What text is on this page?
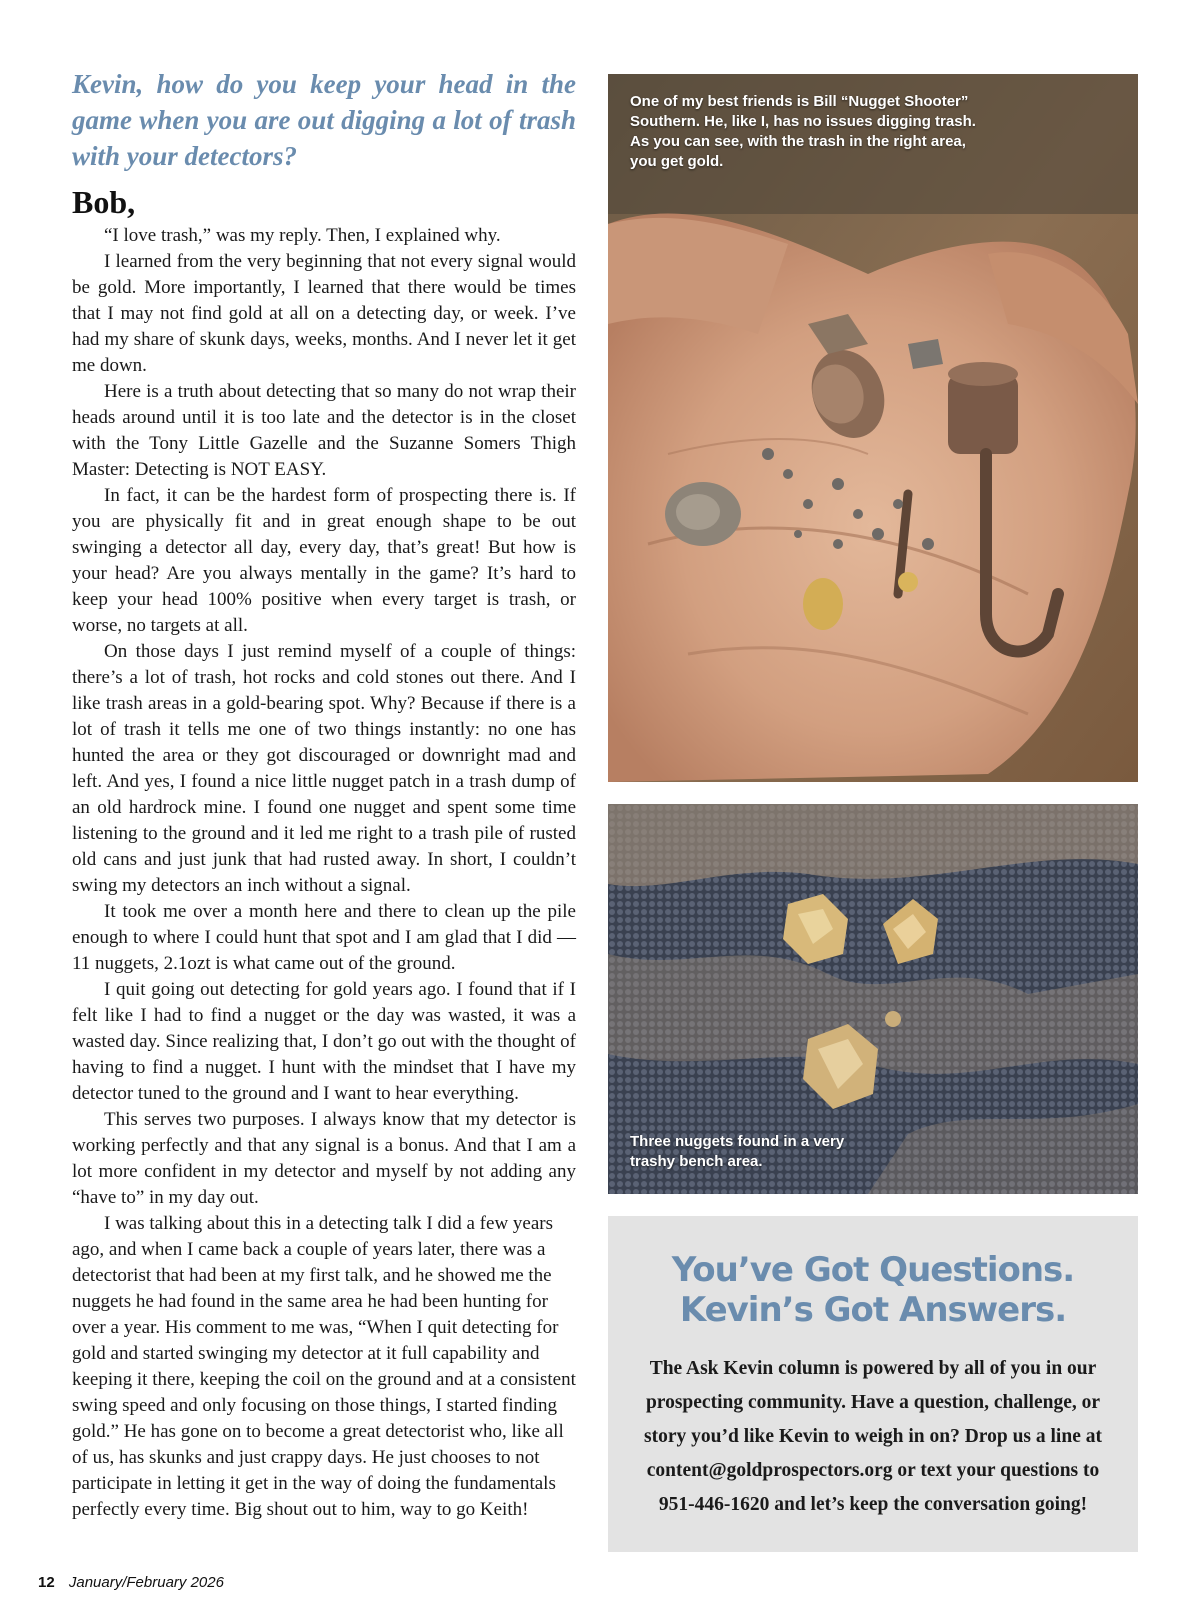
Kevin, how do you keep your head in the game when you are out digging a lot of trash with your detectors?
Bob,

“I love trash,” was my reply. Then, I explained why.

I learned from the very beginning that not every signal would be gold. More importantly, I learned that there would be times that I may not find gold at all on a detecting day, or week. I’ve had my share of skunk days, weeks, months. And I never let it get me down.

Here is a truth about detecting that so many do not wrap their heads around until it is too late and the detector is in the closet with the Tony Little Gazelle and the Suzanne Somers Thigh Master: Detecting is NOT EASY.

In fact, it can be the hardest form of prospecting there is. If you are physically fit and in great enough shape to be out swinging a detector all day, every day, that’s great! But how is your head? Are you always mentally in the game? It’s hard to keep your head 100% positive when every target is trash, or worse, no targets at all.

On those days I just remind myself of a couple of things: there’s a lot of trash, hot rocks and cold stones out there. And I like trash areas in a gold-bearing spot. Why? Because if there is a lot of trash it tells me one of two things instantly: no one has hunted the area or they got discouraged or downright mad and left. And yes, I found a nice little nugget patch in a trash dump of an old hardrock mine. I found one nugget and spent some time listening to the ground and it led me right to a trash pile of rusted old cans and just junk that had rusted away. In short, I couldn’t swing my detectors an inch without a signal.

It took me over a month here and there to clean up the pile enough to where I could hunt that spot and I am glad that I did — 11 nuggets, 2.1ozt is what came out of the ground.

I quit going out detecting for gold years ago. I found that if I felt like I had to find a nugget or the day was wasted, it was a wasted day. Since realizing that, I don’t go out with the thought of having to find a nugget. I hunt with the mindset that I have my detector tuned to the ground and I want to hear everything.

This serves two purposes. I always know that my detector is working perfectly and that any signal is a bonus. And that I am a lot more confident in my detector and myself by not adding any “have to” in my day out.

I was talking about this in a detecting talk I did a few years ago, and when I came back a couple of years later, there was a detectorist that had been at my first talk, and he showed me the nuggets he had found in the same area he had been hunting for over a year. His comment to me was, “When I quit detecting for gold and started swinging my detector at it full capability and keeping it there, keeping the coil on the ground and at a consistent swing speed and only focusing on those things, I started finding gold.” He has gone on to become a great detectorist who, like all of us, has skunks and just crappy days. He just chooses to not participate in letting it get in the way of doing the fundamentals perfectly every time. Big shout out to him, way to go Keith!

One of my best friends is Bill “Nugget Shooter” Southern. He, like I, has no issues digging trash. As you can see, with the trash in the right area, you get gold.
Three nuggets found in a very trashy bench area.
You’ve Got Questions.
Kevin’s Got Answers.
The Ask Kevin column is powered by all of you in our prospecting community. Have a question, challenge, or story you’d like Kevin to weigh in on? Drop us a line at content@goldprospectors.org or text your questions to 951-446-1620 and let’s keep the conversation going!
12 January/February 2026
